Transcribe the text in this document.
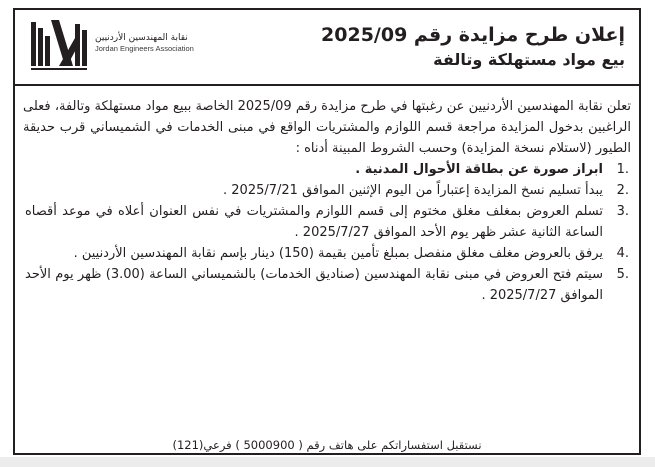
إعلان طرح مزايدة رقم 2025/09
بيع مواد مستهلكة وتالفة
نقابة المهندسين الأردنيين
Jordan Engineers Association

تعلن نقابة المهندسين الأردنيين عن رغبتها في طرح مزايدة رقم 2025/09 الخاصة ببيع مواد مستهلكة وتالفة، فعلى الراغبين بدخول المزايدة مراجعة قسم اللوازم والمشتريات الواقع في مبنى الخدمات في الشميساني قرب حديقة الطيور (لاستلام نسخة المزايدة) وحسب الشروط المبينة أدناه :

1.
ابراز صورة عن بطاقة الأحوال المدنية .
2.
يبدأ تسليم نسخ المزايدة إعتباراً من اليوم الإثنين الموافق 2025/7/21 .
3.
تسلم العروض بمغلف مغلق مختوم إلى قسم اللوازم والمشتريات في نفس العنوان أعلاه في موعد أقصاه الساعة الثانية عشر ظهر يوم الأحد الموافق 2025/7/27 .
4.
يرفق بالعروض مغلف مغلق منفصل بمبلغ تأمين بقيمة (150) دينار بإسم نقابة المهندسين الأردنيين .
5.
سيتم فتح العروض في مبنى نقابة المهندسين (صناديق الخدمات) بالشميساني الساعة (3.00) ظهر يوم الأحد الموافق 2025/7/27 .
نستقبل استفساراتكم على هاتف رقم ( 5000900 ) فرعي(121)
